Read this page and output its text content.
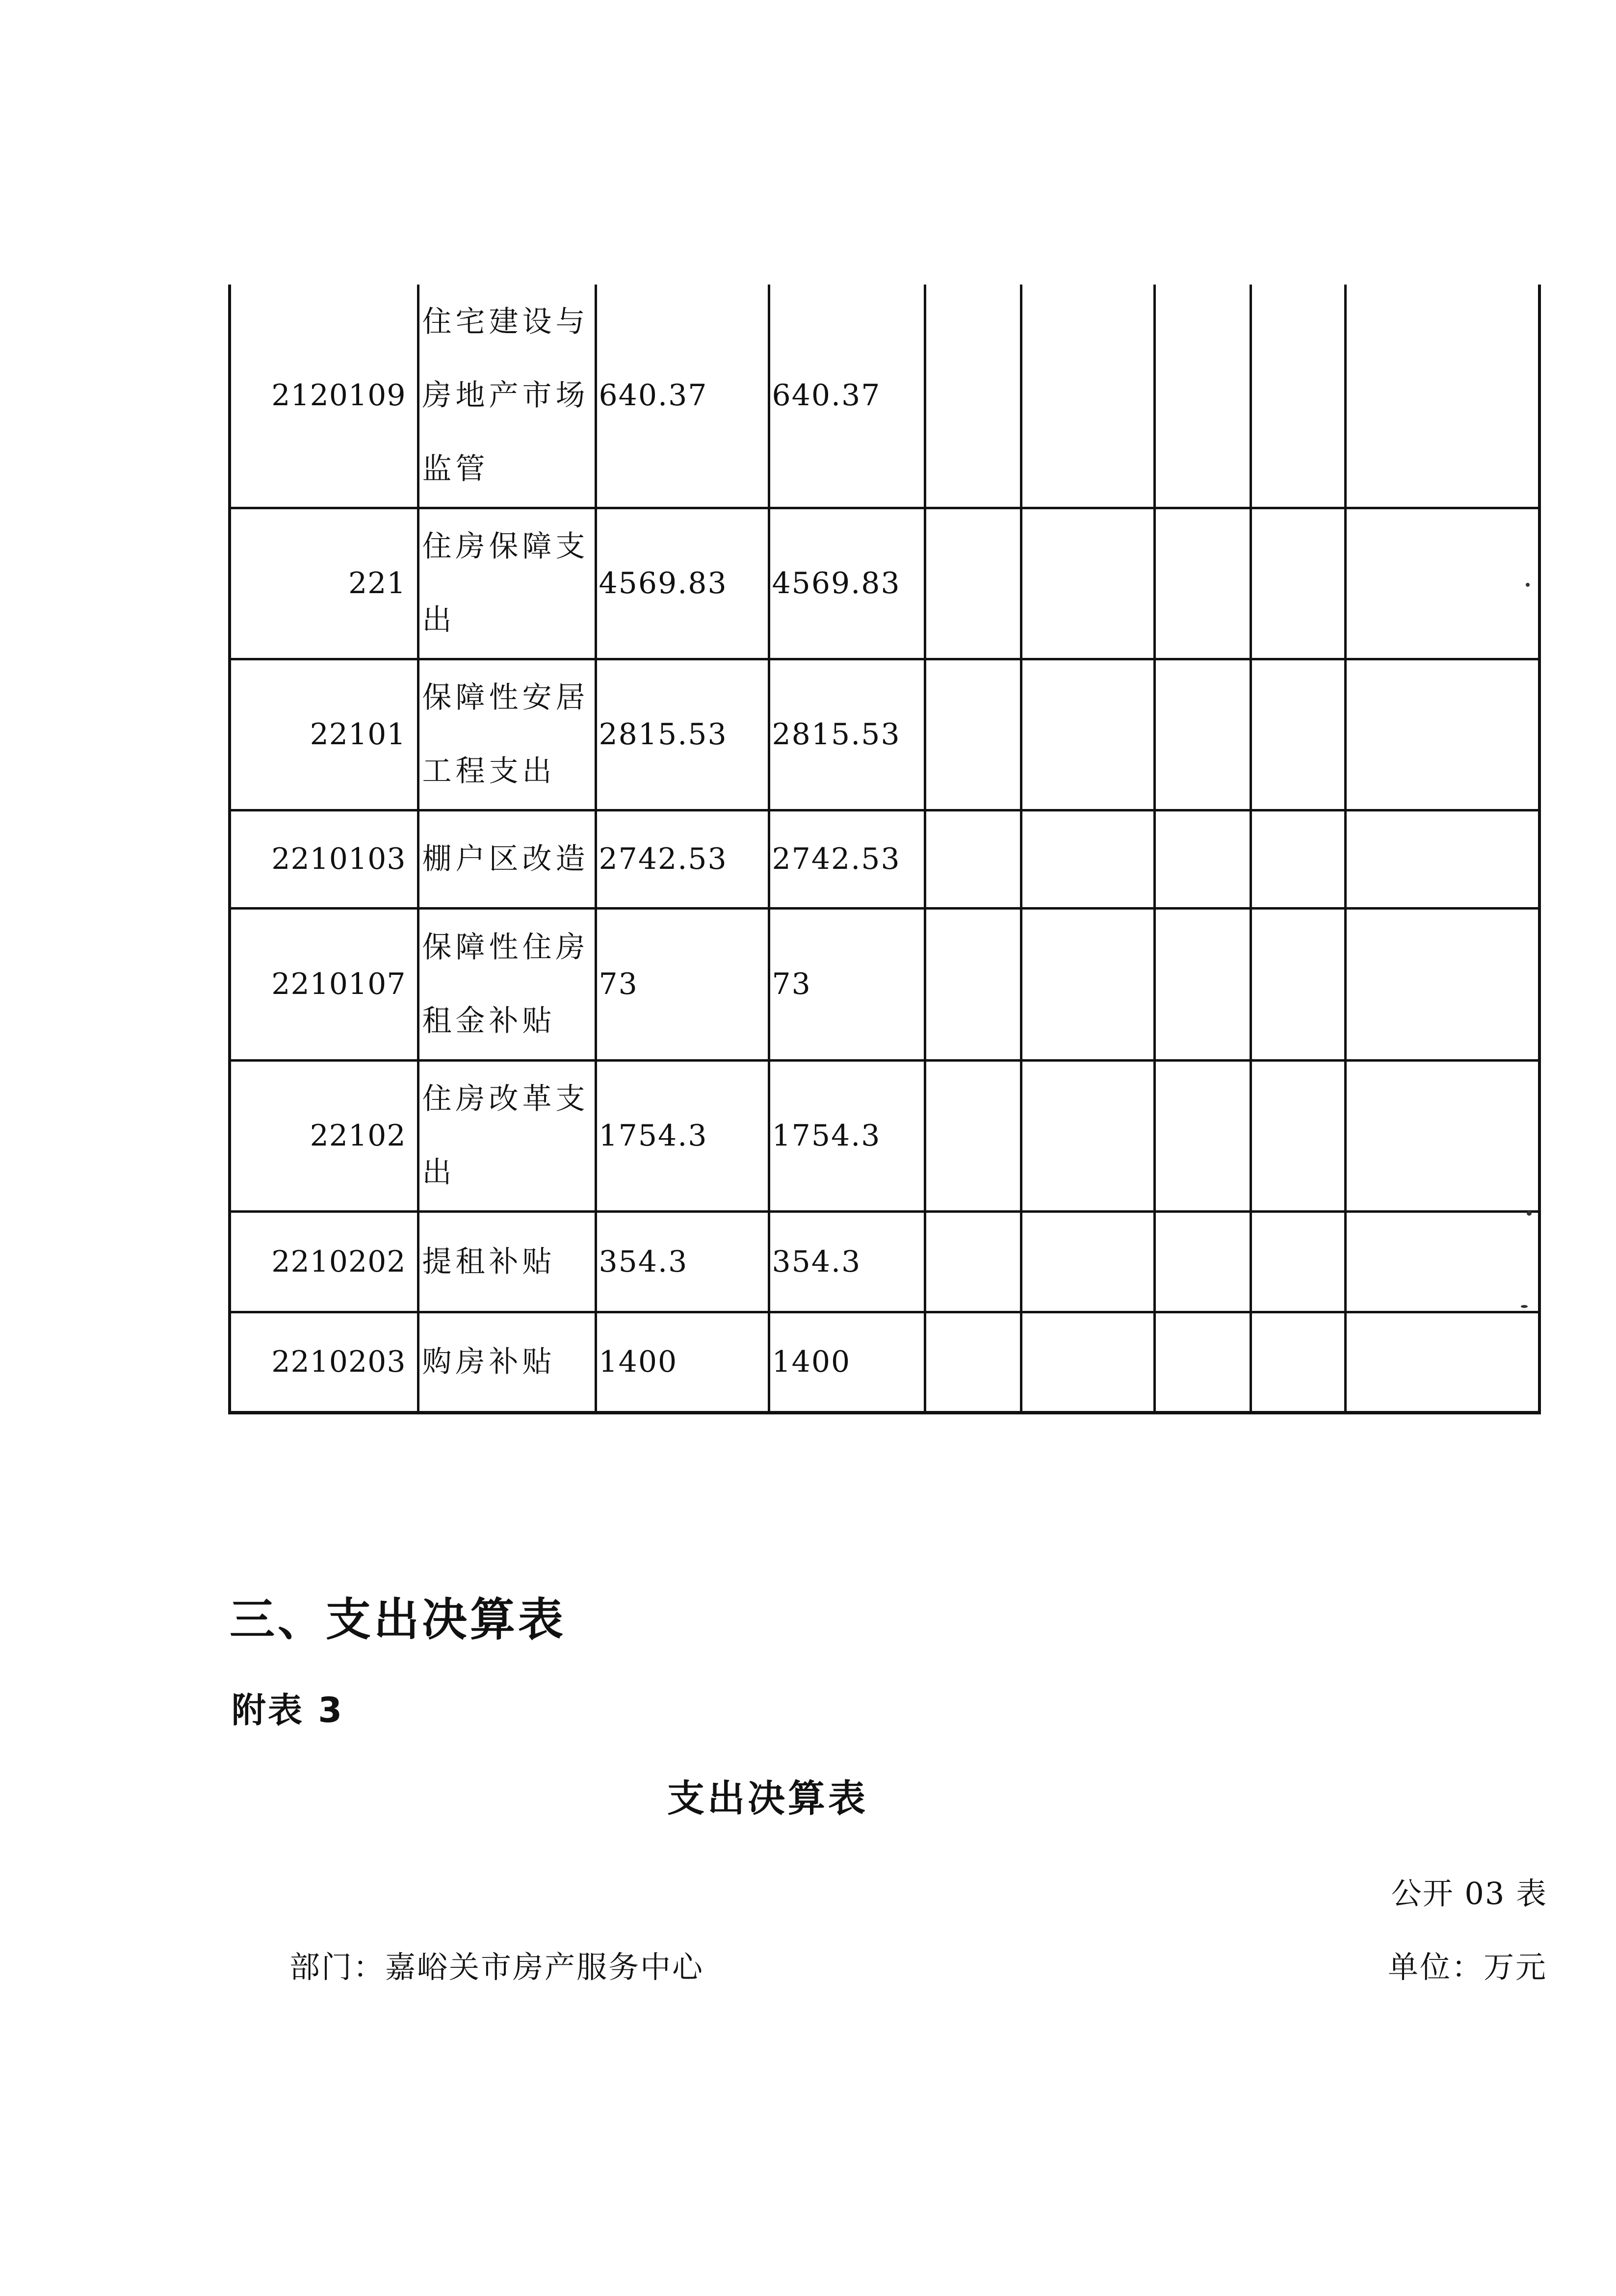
2120109	住宅建设与房地产市场监管	640.37	640.37					
221	住房保障支出	4569.83	4569.83					
22101	保障性安居工程支出	2815.53	2815.53					
2210103	棚户区改造	2742.53	2742.53					
2210107	保障性住房租金补贴	73	73					
22102	住房改革支出	1754.3	1754.3					
2210202	提租补贴	354.3	354.3					
2210203	购房补贴	1400	1400					
三、支出决算表
附表 3
支出决算表
公开 03 表
部门：嘉峪关市房产服务中心	单位：万元
